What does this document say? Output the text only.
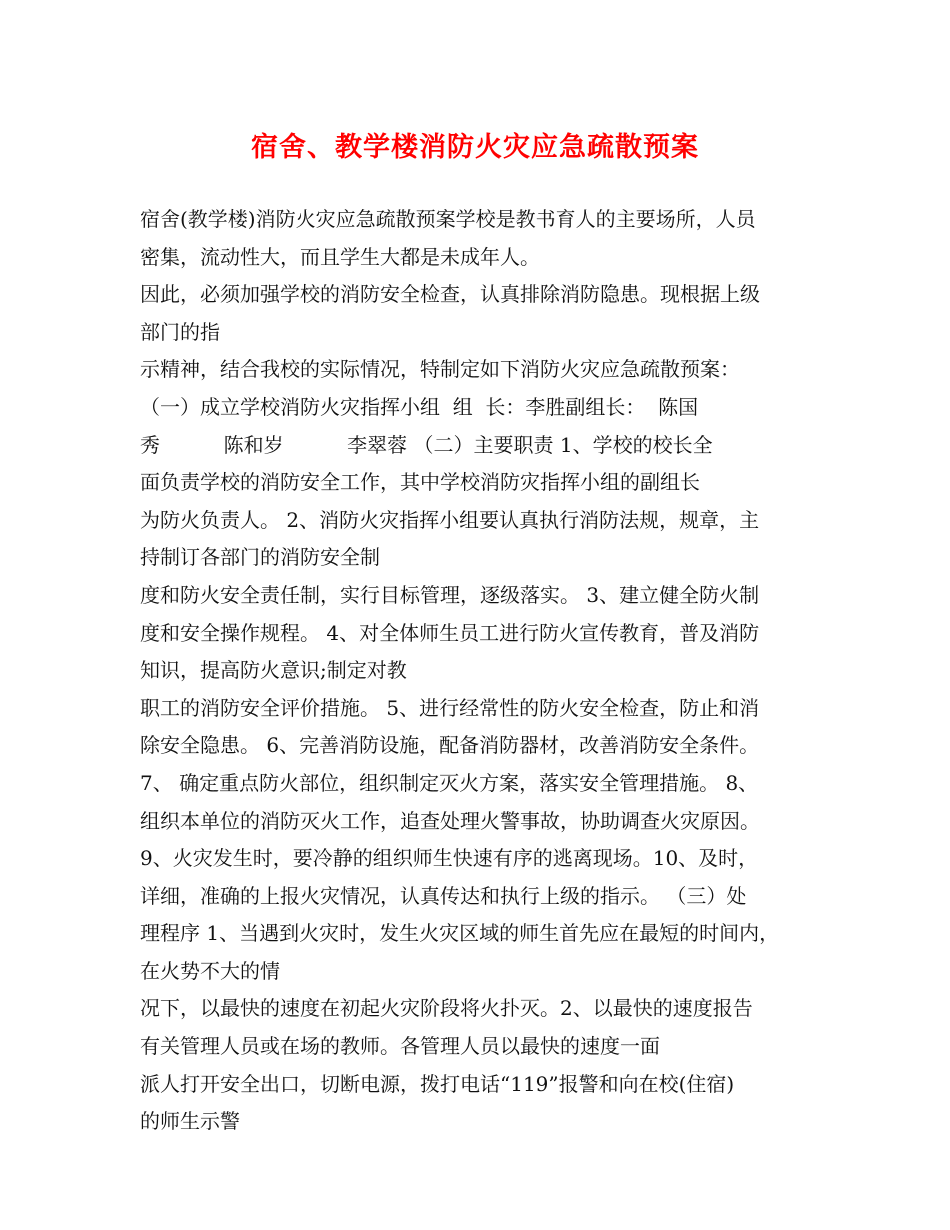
宿舍、教学楼消防火灾应急疏散预案
宿舍(教学楼)消防火灾应急疏散预案学校是教书育人的主要场所，人员
密集，流动性大，而且学生大都是未成年人。
因此，必须加强学校的消防安全检查，认真排除消防隐患。现根据上级
部门的指
示精神，结合我校的实际情况，特制定如下消防火灾应急疏散预案：
（一）成立学校消防火灾指挥小组  组  长：李胜副组长：  陈国
秀          陈和岁          李翠蓉 （二）主要职责 1、学校的校长全
面负责学校的消防安全工作，其中学校消防灾指挥小组的副组长
为防火负责人。 2、消防火灾指挥小组要认真执行消防法规，规章，主
持制订各部门的消防安全制
度和防火安全责任制，实行目标管理，逐级落实。 3、建立健全防火制
度和安全操作规程。 4、对全体师生员工进行防火宣传教育，普及消防
知识，提高防火意识;制定对教
职工的消防安全评价措施。 5、进行经常性的防火安全检查，防止和消
除安全隐患。 6、完善消防设施，配备消防器材，改善消防安全条件。
7、 确定重点防火部位，组织制定灭火方案，落实安全管理措施。 8、
组织本单位的消防灭火工作，追查处理火警事故，协助调查火灾原因。
9、火灾发生时，要冷静的组织师生快速有序的逃离现场。10、及时，
详细，准确的上报火灾情况，认真传达和执行上级的指示。 （三）处
理程序 1、当遇到火灾时，发生火灾区域的师生首先应在最短的时间内，
在火势不大的情
况下，以最快的速度在初起火灾阶段将火扑灭。2、以最快的速度报告
有关管理人员或在场的教师。各管理人员以最快的速度一面
派人打开安全出口，切断电源，拨打电话“119”报警和向在校(住宿)
的师生示警
